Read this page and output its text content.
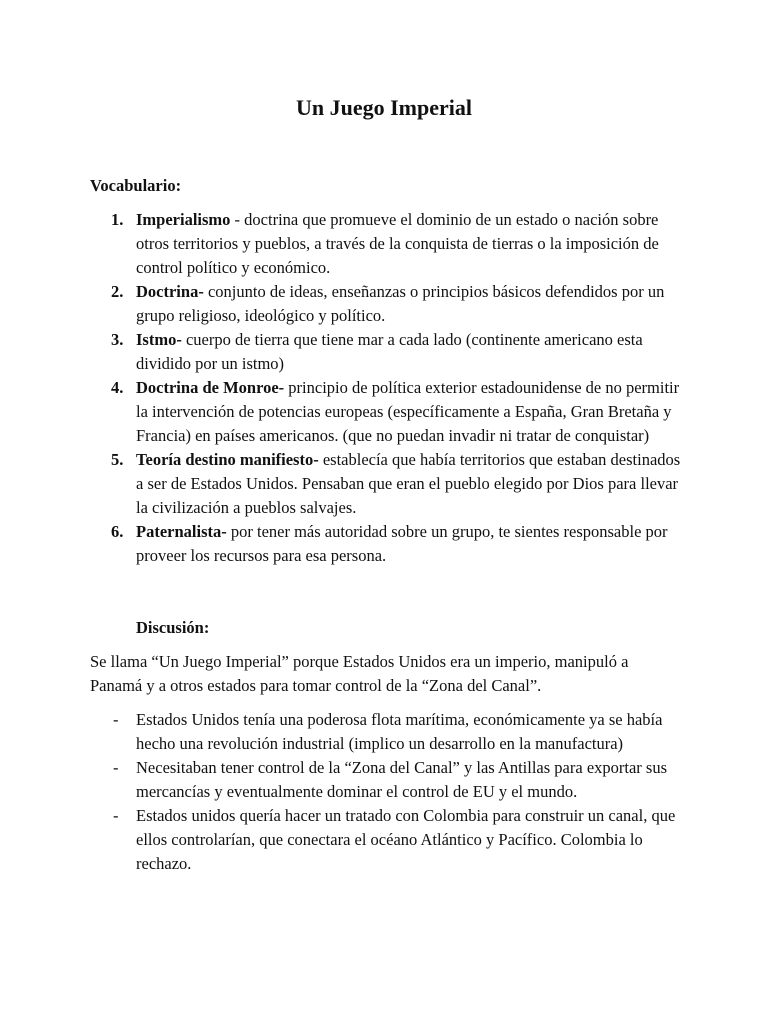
Un Juego Imperial
Vocabulario:
1. Imperialismo - doctrina que promueve el dominio de un estado o nación sobre otros territorios y pueblos, a través de la conquista de tierras o la imposición de control político y económico.
2. Doctrina- conjunto de ideas, enseñanzas o principios básicos defendidos por un grupo religioso, ideológico y político.
3. Istmo- cuerpo de tierra que tiene mar a cada lado (continente americano esta dividido por un istmo)
4. Doctrina de Monroe- principio de política exterior estadounidense de no permitir la intervención de potencias europeas (específicamente a España, Gran Bretaña y Francia) en países americanos. (que no puedan invadir ni tratar de conquistar)
5. Teoría destino manifiesto- establecía que había territorios que estaban destinados a ser de Estados Unidos. Pensaban que eran el pueblo elegido por Dios para llevar la civilización a pueblos salvajes.
6. Paternalista- por tener más autoridad sobre un grupo, te sientes responsable por proveer los recursos para esa persona.
Discusión:

Se llama “Un Juego Imperial” porque Estados Unidos era un imperio, manipuló a Panamá y a otros estados para tomar control de la “Zona del Canal”.

- Estados Unidos tenía una poderosa flota marítima, económicamente ya se había hecho una revolución industrial (implico un desarrollo en la manufactura)
- Necesitaban tener control de la “Zona del Canal” y las Antillas para exportar sus mercancías y eventualmente dominar el control de EU y el mundo.
- Estados unidos quería hacer un tratado con Colombia para construir un canal, que ellos controlarían, que conectara el océano Atlántico y Pacífico. Colombia lo rechazo.
